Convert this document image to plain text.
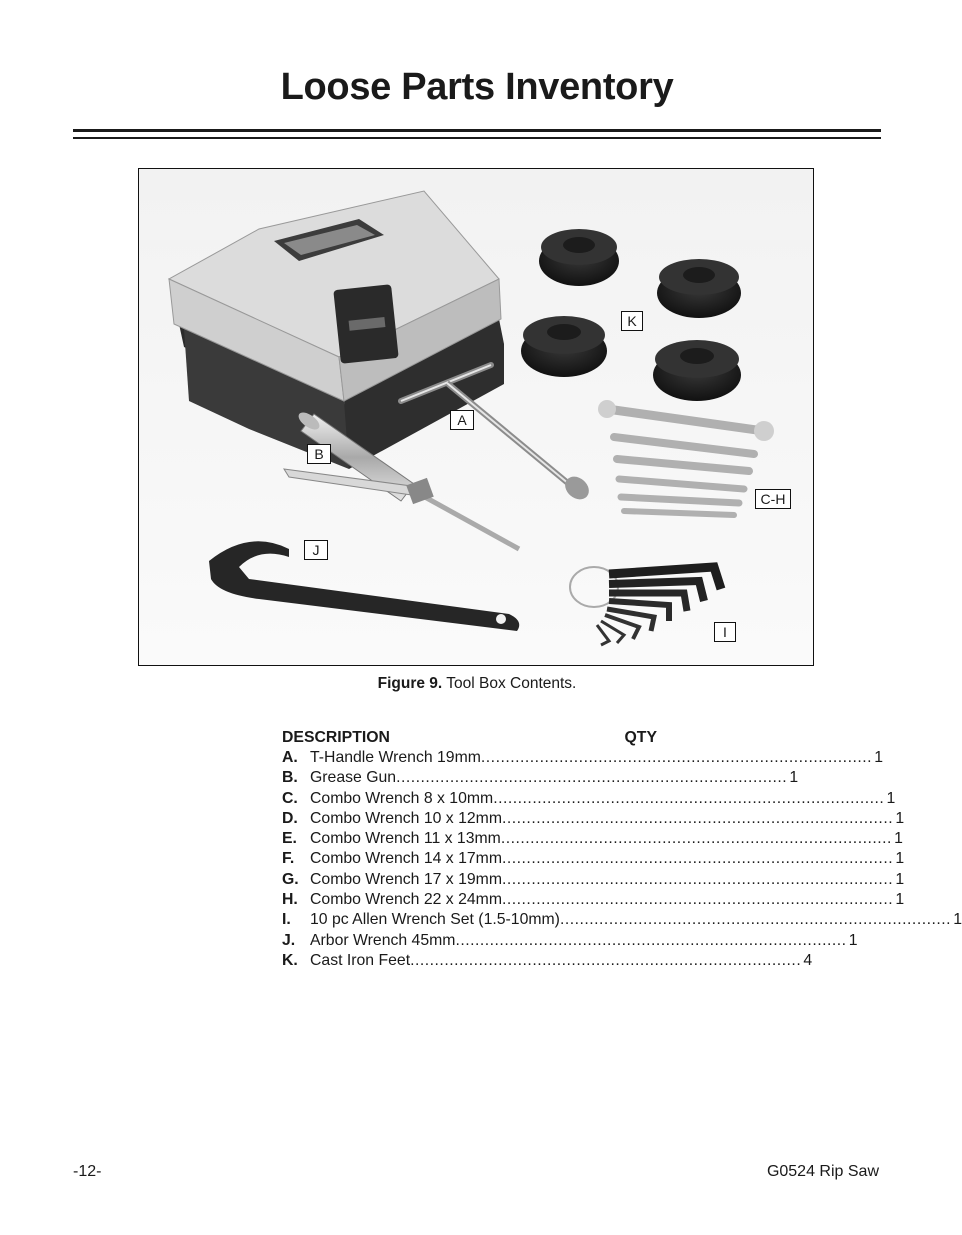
Loose Parts Inventory
K
A
B
C-H
J
I
Figure 9. Tool Box Contents.
DESCRIPTION	QTY
A. T-Handle Wrench 19mm ................................................................................ 1
B. Grease Gun ................................................................................ 1
C. Combo Wrench 8 x 10mm ................................................................................ 1
D. Combo Wrench 10 x 12mm ................................................................................ 1
E. Combo Wrench 11 x 13mm ................................................................................ 1
F. Combo Wrench 14 x 17mm ................................................................................ 1
G. Combo Wrench 17 x 19mm ................................................................................ 1
H. Combo Wrench 22 x 24mm ................................................................................ 1
I.	10 pc Allen Wrench Set (1.5-10mm) ................................................................................ 1
J. Arbor Wrench 45mm ................................................................................ 1
K. Cast Iron Feet ................................................................................ 4
-12-	G0524 Rip Saw
